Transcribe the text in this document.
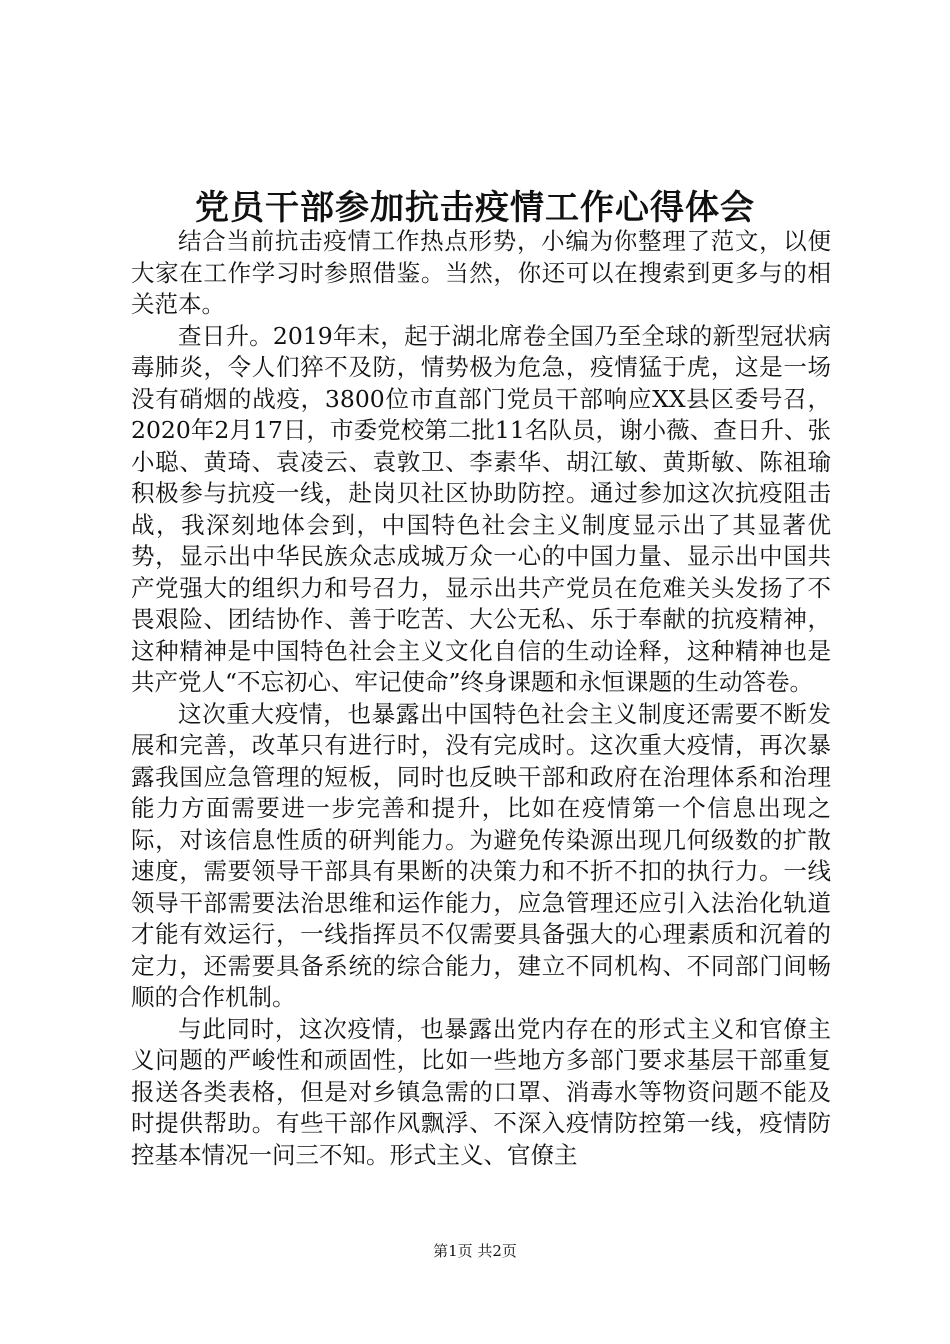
党员干部参加抗击疫情工作心得体会

结合当前抗击疫情工作热点形势，小编为你整理了范文，以便大家在工作学习时参照借鉴。当然，你还可以在搜索到更多与的相关范本。

查日升。2019年末，起于湖北席卷全国乃至全球的新型冠状病毒肺炎，令人们猝不及防，情势极为危急，疫情猛于虎，这是一场没有硝烟的战疫，3800位市直部门党员干部响应XX县区委号召，2020年2月17日，市委党校第二批11名队员，谢小薇、查日升、张小聪、黄琦、袁凌云、袁敦卫、李素华、胡江敏、黄斯敏、陈祖瑜积极参与抗疫一线，赴岗贝社区协助防控。通过参加这次抗疫阻击战，我深刻地体会到，中国特色社会主义制度显示出了其显著优势，显示出中华民族众志成城万众一心的中国力量、显示出中国共产党强大的组织力和号召力，显示出共产党员在危难关头发扬了不畏艰险、团结协作、善于吃苦、大公无私、乐于奉献的抗疫精神，这种精神是中国特色社会主义文化自信的生动诠释，这种精神也是共产党人“不忘初心、牢记使命”终身课题和永恒课题的生动答卷。

这次重大疫情，也暴露出中国特色社会主义制度还需要不断发展和完善，改革只有进行时，没有完成时。这次重大疫情，再次暴露我国应急管理的短板，同时也反映干部和政府在治理体系和治理能力方面需要进一步完善和提升，比如在疫情第一个信息出现之际，对该信息性质的研判能力。为避免传染源出现几何级数的扩散速度，需要领导干部具有果断的决策力和不折不扣的执行力。一线领导干部需要法治思维和运作能力，应急管理还应引入法治化轨道才能有效运行，一线指挥员不仅需要具备强大的心理素质和沉着的定力，还需要具备系统的综合能力，建立不同机构、不同部门间畅顺的合作机制。

与此同时，这次疫情，也暴露出党内存在的形式主义和官僚主义问题的严峻性和顽固性，比如一些地方多部门要求基层干部重复报送各类表格，但是对乡镇急需的口罩、消毒水等物资问题不能及时提供帮助。有些干部作风飘浮、不深入疫情防控第一线，疫情防控基本情况一问三不知。形式主义、官僚主

第1页 共2页
